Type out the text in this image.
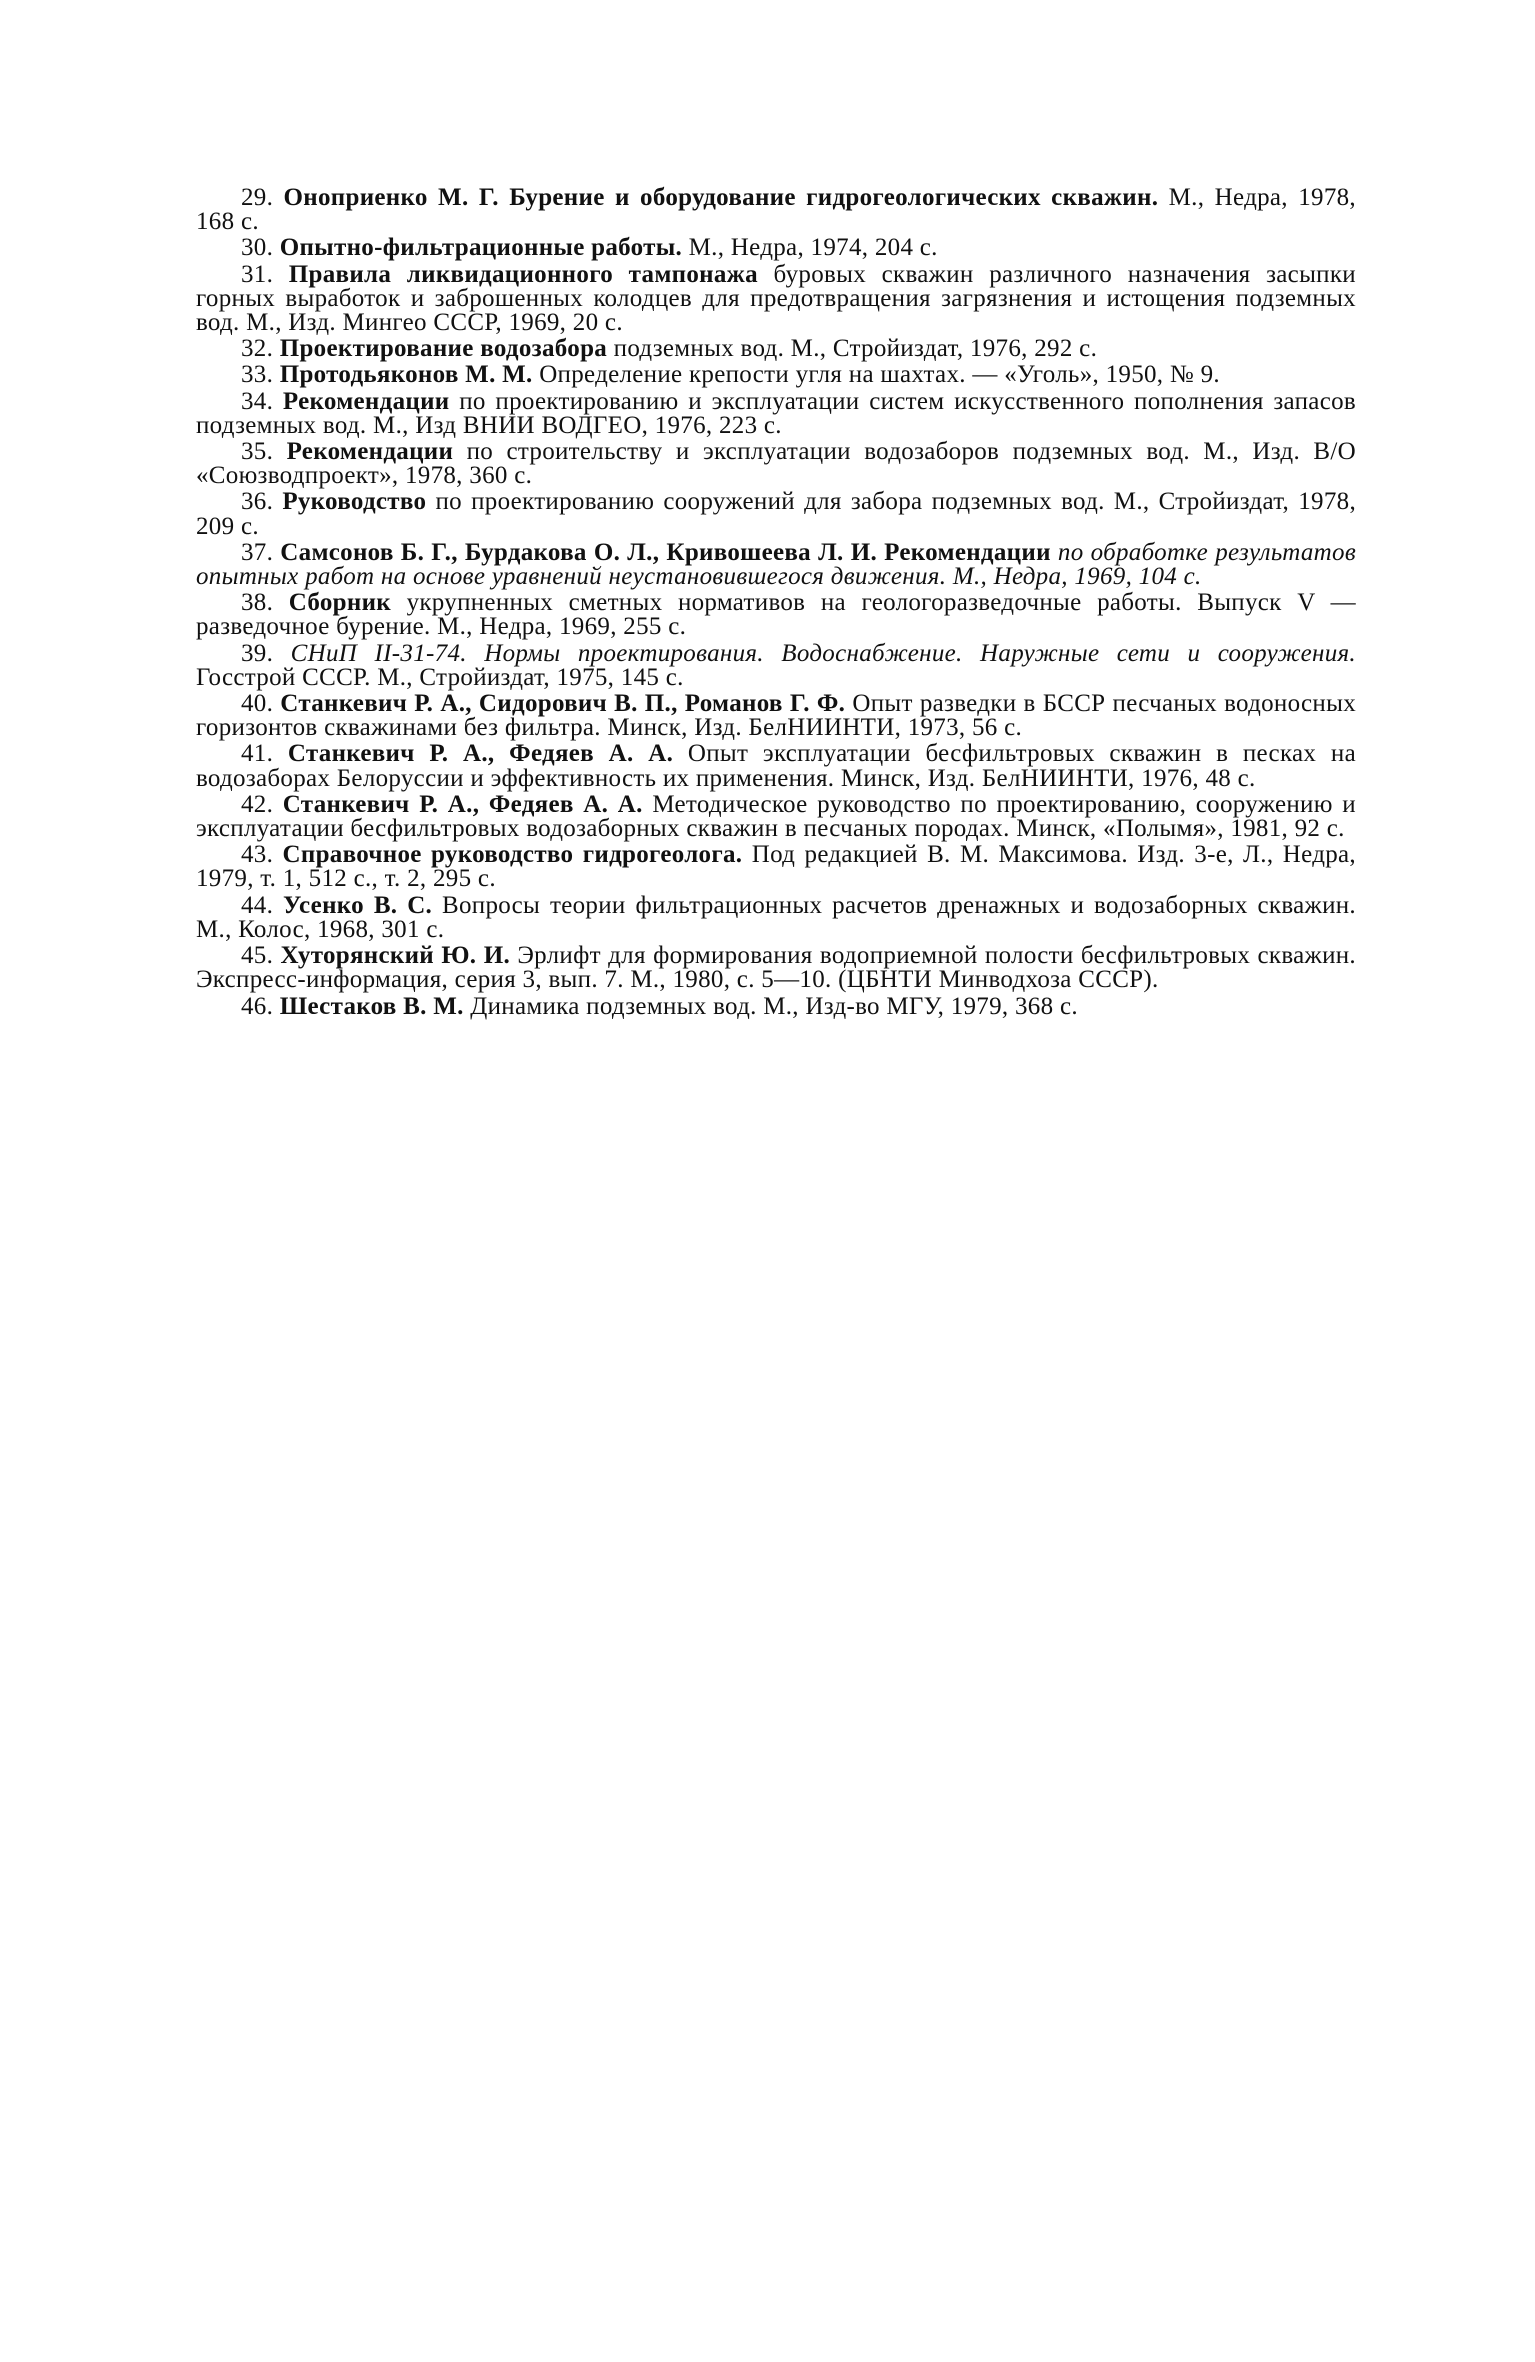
29. Оноприенко М. Г. Бурение и оборудование гидрогеологических скважин. М., Недра, 1978, 168 с.
30. Опытно-фильтрационные работы. М., Недра, 1974, 204 с.
31. Правила ликвидационного тампонажа буровых скважин различного назначения засыпки горных выработок и заброшенных колодцев для предотвращения загрязнения и истощения подземных вод. М., Изд. Мингео СССР, 1969, 20 с.
32. Проектирование водозабора подземных вод. М., Стройиздат, 1976, 292 с.
33. Протодьяконов М. М. Определение крепости угля на шахтах. — «Уголь», 1950, № 9.
34. Рекомендации по проектированию и эксплуатации систем искусственного пополнения запасов подземных вод. М., Изд ВНИИ ВОДГЕО, 1976, 223 с.
35. Рекомендации по строительству и эксплуатации водозаборов подземных вод. М., Изд. В/О «Союзводпроект», 1978, 360 с.
36. Руководство по проектированию сооружений для забора подземных вод. М., Стройиздат, 1978, 209 с.
37. Самсонов Б. Г., Бурдакова О. Л., Кривошеева Л. И. Рекомендации по обработке результатов опытных работ на основе уравнений неустановившегося движения. М., Недра, 1969, 104 с.
38. Сборник укрупненных сметных нормативов на геологоразведочные работы. Выпуск V — разведочное бурение. М., Недра, 1969, 255 с.
39. СНиП II-31-74. Нормы проектирования. Водоснабжение. Наружные сети и сооружения. Госстрой СССР. М., Стройиздат, 1975, 145 с.
40. Станкевич Р. А., Сидорович В. П., Романов Г. Ф. Опыт разведки в БССР песчаных водоносных горизонтов скважинами без фильтра. Минск, Изд. БелНИИНТИ, 1973, 56 с.
41. Станкевич Р. А., Федяев А. А. Опыт эксплуатации бесфильтровых скважин в песках на водозаборах Белоруссии и эффективность их применения. Минск, Изд. БелНИИНТИ, 1976, 48 с.
42. Станкевич Р. А., Федяев А. А. Методическое руководство по проектированию, сооружению и эксплуатации бесфильтровых водозаборных скважин в песчаных породах. Минск, «Полымя», 1981, 92 с.
43. Справочное руководство гидрогеолога. Под редакцией В. М. Максимова. Изд. 3-е, Л., Недра, 1979, т. 1, 512 с., т. 2, 295 с.
44. Усенко В. С. Вопросы теории фильтрационных расчетов дренажных и водозаборных скважин. М., Колос, 1968, 301 с.
45. Хуторянский Ю. И. Эрлифт для формирования водоприемной полости бесфильтровых скважин. Экспресс-информация, серия 3, вып. 7. М., 1980, с. 5—10. (ЦБНТИ Минводхоза СССР).
46. Шестаков В. М. Динамика подземных вод. М., Изд-во МГУ, 1979, 368 с.
